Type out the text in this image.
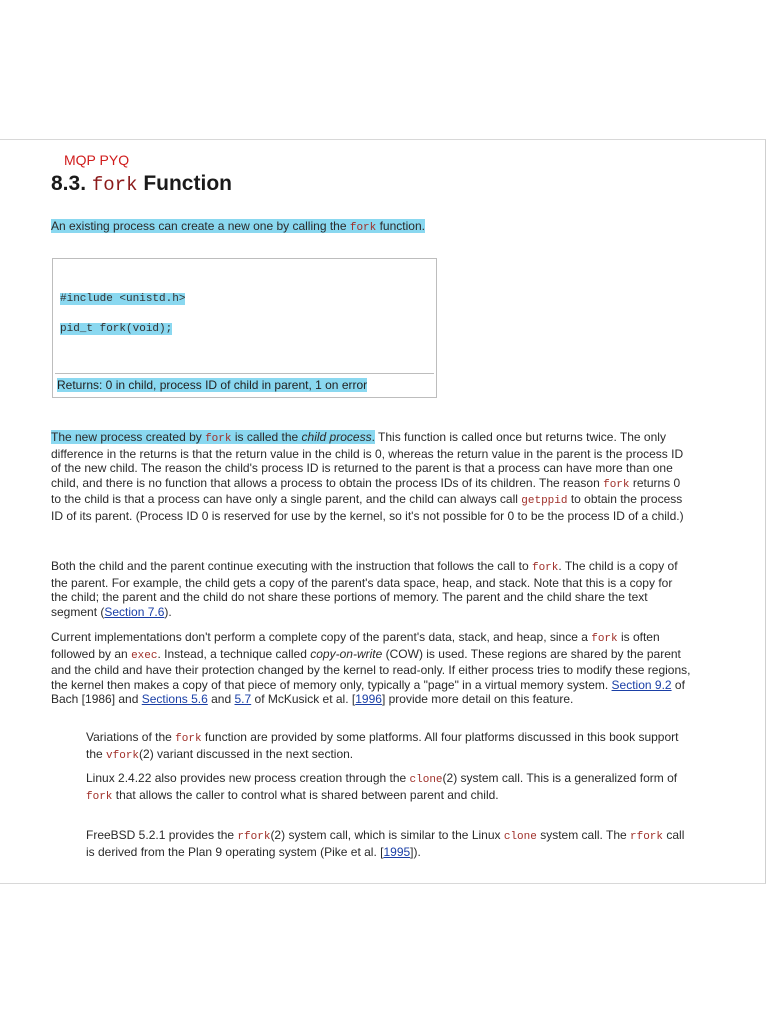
MQP PYQ
8.3. fork Function

An existing process can create a new one by calling the fork function.

#include <unistd.h>
pid_t fork(void);
Returns: 0 in child, process ID of child in parent, 1 on error

The new process created by fork is called the child process. This function is called once but returns twice. The only difference in the returns is that the return value in the child is 0, whereas the return value in the parent is the process ID of the new child. The reason the child's process ID is returned to the parent is that a process can have more than one child, and there is no function that allows a process to obtain the process IDs of its children. The reason fork returns 0 to the child is that a process can have only a single parent, and the child can always call getppid to obtain the process ID of its parent. (Process ID 0 is reserved for use by the kernel, so it's not possible for 0 to be the process ID of a child.)

Both the child and the parent continue executing with the instruction that follows the call to fork. The child is a copy of the parent. For example, the child gets a copy of the parent's data space, heap, and stack. Note that this is a copy for the child; the parent and the child do not share these portions of memory. The parent and the child share the text segment (Section 7.6).

Current implementations don't perform a complete copy of the parent's data, stack, and heap, since a fork is often followed by an exec. Instead, a technique called copy-on-write (COW) is used. These regions are shared by the parent and the child and have their protection changed by the kernel to read-only. If either process tries to modify these regions, the kernel then makes a copy of that piece of memory only, typically a "page" in a virtual memory system. Section 9.2 of Bach [1986] and Sections 5.6 and 5.7 of McKusick et al. [1996] provide more detail on this feature.

Variations of the fork function are provided by some platforms. All four platforms discussed in this book support the vfork(2) variant discussed in the next section.

Linux 2.4.22 also provides new process creation through the clone(2) system call. This is a generalized form of fork that allows the caller to control what is shared between parent and child.

FreeBSD 5.2.1 provides the rfork(2) system call, which is similar to the Linux clone system call. The rfork call is derived from the Plan 9 operating system (Pike et al. [1995]).
